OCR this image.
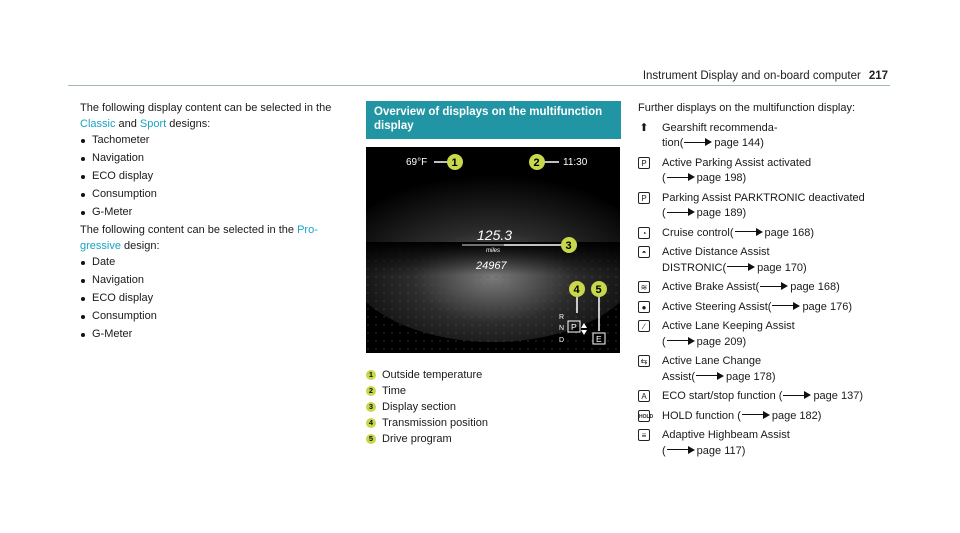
Instrument Display and on-board computer 217

The following display content can be selected in the Classic and Sport designs:

Tachometer
Navigation
ECO display
Consumption
G-Meter

The following content can be selected in the Pro-gressive design:

Date
Navigation
ECO display
Consumption
G-Meter
Overview of displays on the multifunction display
69°F	11:30
1	2
125.3
miles	3
24967
4 5
R
N
D
P
E
1 Outside temperature
2 Time
3 Display section
4 Transmission position
5 Drive program

Further displays on the multifunction display:

⬆ Gearshift recommenda-
tion(	page 144)
P	Active Parking Assist activated
(	page 198)
P	Parking Assist PARKTRONIC deactivated
(	page 189)
◔	Cruise control(	page 168)
◓	Active Distance Assist
DISTRONIC(	page 170)
≋ Active Brake Assist(	page 168)
●	Active Steering Assist(	page 176)
∕	Active Lane Keeping Assist
(	page 209)
⇆ Active Lane Change
Assist(	page 178)
A	ECO start/stop function (	page 137)
HOLD HOLD function (	page 182)
≡	Adaptive Highbeam Assist
(	page 117)
